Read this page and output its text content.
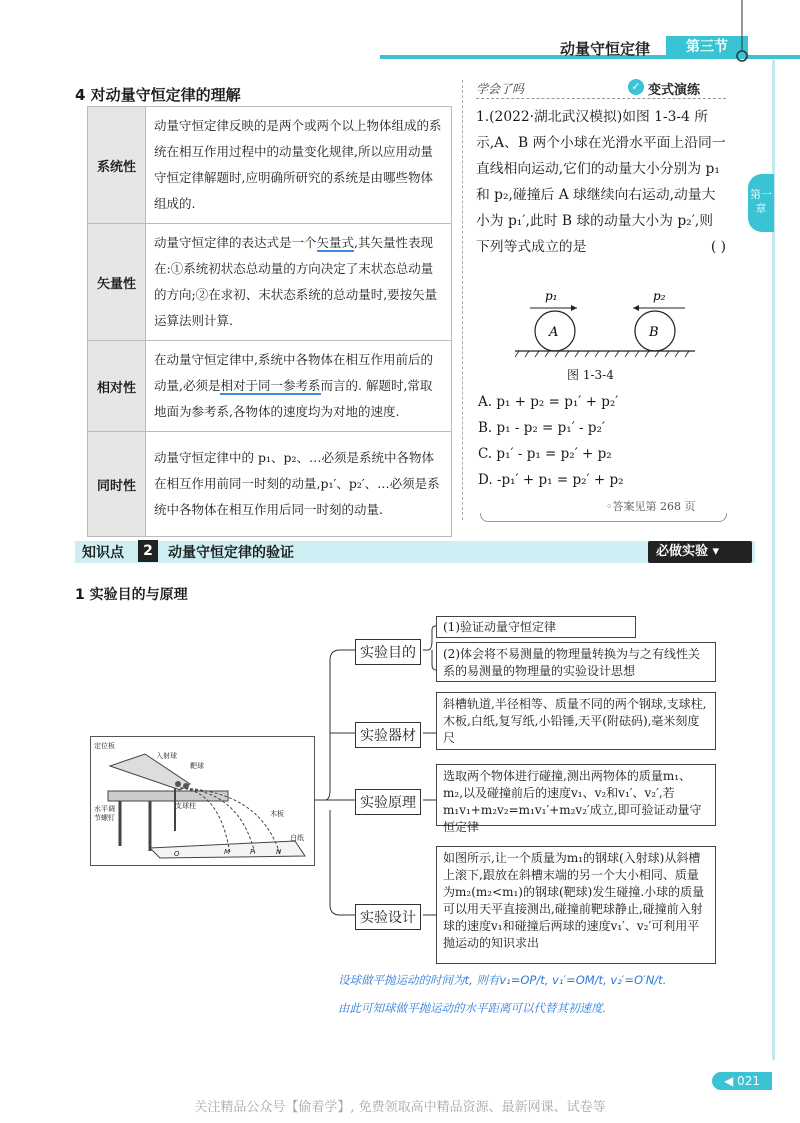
动量守恒定律	第三节
第一章
4 对动量守恒定律的理解
系统性	动量守恒定律反映的是两个或两个以上物体组成的系统在相互作用过程中的动量变化规律,所以应用动量守恒定律解题时,应明确所研究的系统是由哪些物体组成的.
矢量性	动量守恒定律的表达式是一个矢量式,其矢量性表现在:①系统初状态总动量的方向决定了末状态总动量的方向;②在求初、末状态系统的总动量时,要按矢量运算法则计算.
相对性	在动量守恒定律中,系统中各物体在相互作用前后的动量,必须是相对于同一参考系而言的. 解题时,常取地面为参考系,各物体的速度均为对地的速度.
同时性	动量守恒定律中的 p₁、p₂、…必须是系统中各物体在相互作用前同一时刻的动量,p₁′、p₂′、…必须是系统中各物体在相互作用后同一时刻的动量.
学会了吗	✓ 变式演练
1.(2022·湖北武汉模拟)如图 1-3-4 所示,A、B 两个小球在光滑水平面上沿同一直线相向运动,它们的动量大小分别为 p₁ 和 p₂,碰撞后 A 球继续向右运动,动量大小为 p₁′,此时 B 球的动量大小为 p₂′,则下列等式成立的是	( )
p₁	p₂
A	B
图 1-3-4
A. p₁ + p₂ = p₁′ + p₂′
B. p₁ - p₂ = p₁′ - p₂′
C. p₁′ - p₁ = p₂′ + p₂
D. -p₁′ + p₁ = p₂′ + p₂
◦答案见第 268 页
知识点	2	动量守恒定律的验证	必做实验 ▾
1 实验目的与原理
定位板
入射球
靶球
支球柱
水平调
节螺钉	木板
白纸
O	M	P	N
实验目的
(1)验证动量守恒定律
(2)体会将不易测量的物理量转换为与之有线性关系的易测量的物理量的实验设计思想
实验器材
斜槽轨道,半径相等、质量不同的两个钢球,支球柱,木板,白纸,复写纸,小铅锤,天平(附砝码),毫米刻度尺
实验原理
选取两个物体进行碰撞,测出两物体的质量m₁、m₂,以及碰撞前后的速度v₁、v₂和v₁′、v₂′,若m₁v₁+m₂v₂=m₁v₁′+m₂v₂′成立,即可验证动量守恒定律
实验设计
如图所示,让一个质量为m₁的钢球(入射球)从斜槽上滚下,跟放在斜槽末端的另一个大小相同、质量为m₂(m₂<m₁)的钢球(靶球)发生碰撞.小球的质量可以用天平直接测出,碰撞前靶球静止,碰撞前入射球的速度v₁和碰撞后两球的速度v₁′、v₂′可利用平抛运动的知识求出
设球做平抛运动的时间为t, 则有v₁=OP/t, v₁′=OM/t, v₂′=O′N/t.
由此可知球做平抛运动的水平距离可以代替其初速度.
◀ 021
关注精品公众号【偷着学】, 免费领取高中精品资源、最新网课、试卷等
